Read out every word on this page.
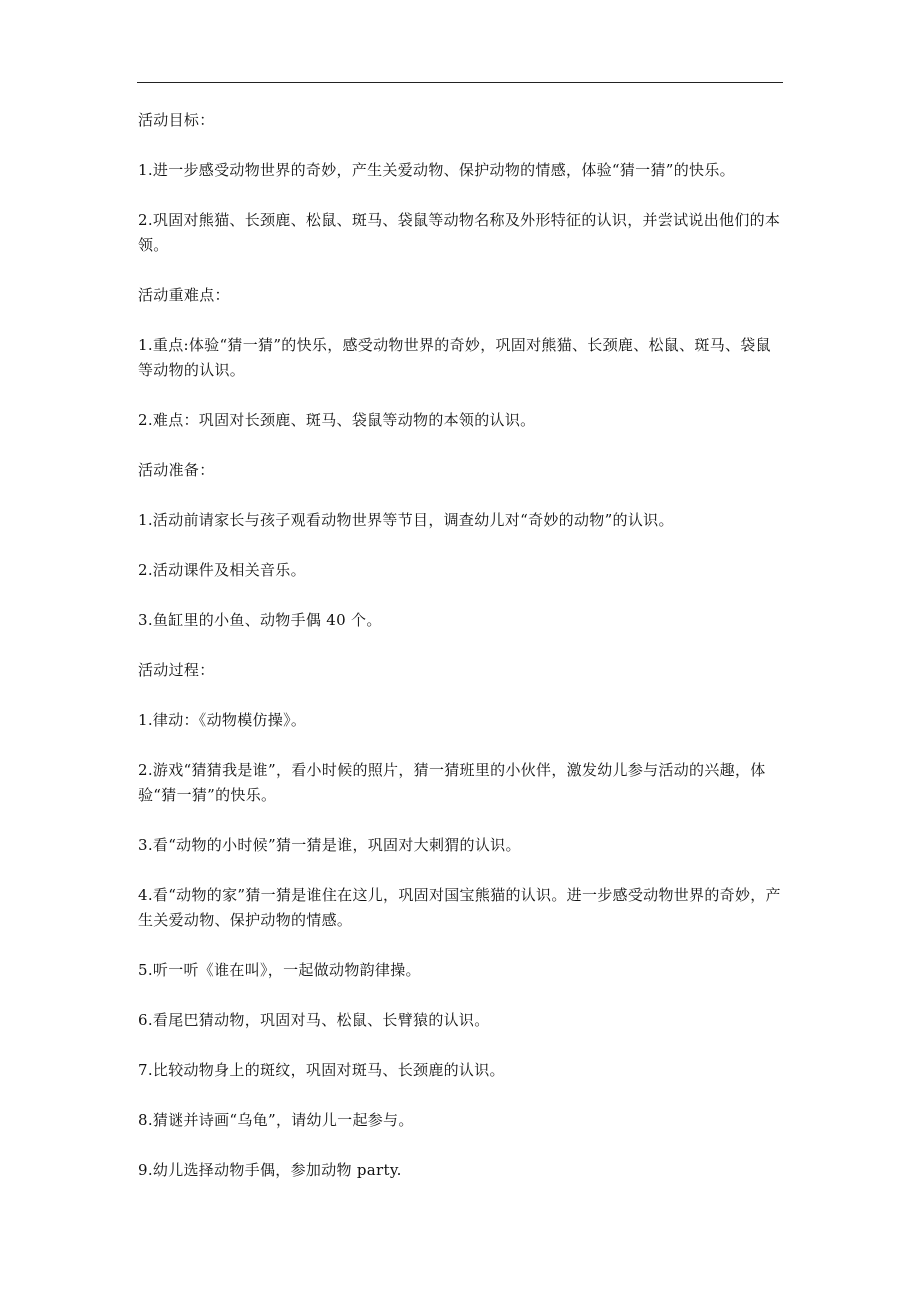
活动目标：

1.进一步感受动物世界的奇妙，产生关爱动物、保护动物的情感，体验“猜一猜”的快乐。

2.巩固对熊猫、长颈鹿、松鼠、斑马、袋鼠等动物名称及外形特征的认识，并尝试说出他们的本领。

活动重难点：

1.重点:体验“猜一猜”的快乐，感受动物世界的奇妙，巩固对熊猫、长颈鹿、松鼠、斑马、袋鼠等动物的认识。

2.难点：巩固对长颈鹿、斑马、袋鼠等动物的本领的认识。

活动准备：

1.活动前请家长与孩子观看动物世界等节目，调查幼儿对“奇妙的动物”的认识。

2.活动课件及相关音乐。

3.鱼缸里的小鱼、动物手偶 40 个。

活动过程：

1.律动：《动物模仿操》。

2.游戏“猜猜我是谁”，看小时候的照片，猜一猜班里的小伙伴，激发幼儿参与活动的兴趣，体验“猜一猜”的快乐。

3.看“动物的小时候”猜一猜是谁，巩固对大刺猬的认识。

4.看“动物的家”猜一猜是谁住在这儿，巩固对国宝熊猫的认识。进一步感受动物世界的奇妙，产生关爱动物、保护动物的情感。

5.听一听《谁在叫》，一起做动物韵律操。

6.看尾巴猜动物，巩固对马、松鼠、长臂猿的认识。

7.比较动物身上的斑纹，巩固对斑马、长颈鹿的认识。

8.猜谜并诗画“乌龟”，请幼儿一起参与。

9.幼儿选择动物手偶，参加动物 party.
